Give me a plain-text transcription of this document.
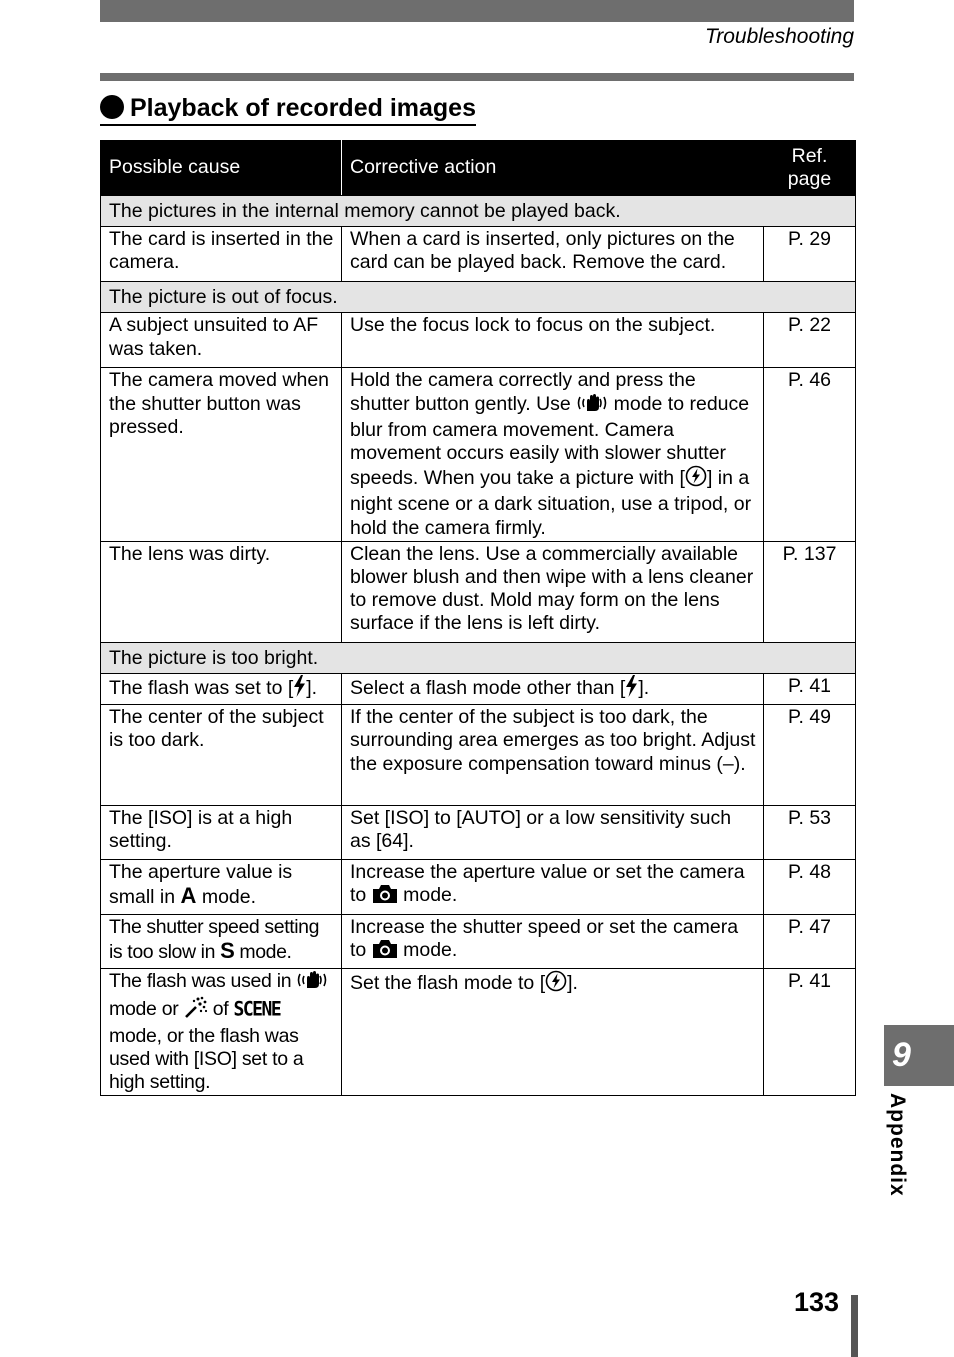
Troubleshooting
Playback of recorded images
Possible cause	Corrective action	Ref.
page
The pictures in the internal memory cannot be played back.		
The card is inserted in the camera.	When a card is inserted, only pictures on the card can be played back. Remove the card.	P. 29
The picture is out of focus.		
A subject unsuited to AF was taken.	Use the focus lock to focus on the subject.	P. 22
The camera moved when the shutter button was pressed.	Hold the camera correctly and press the shutter button gently. Use mode to reduce blur from camera movement. Camera movement occurs easily with slower shutter speeds. When you take a picture with [ ] in a night scene or a dark situation, use a tripod, or hold the camera firmly.	P. 46
The lens was dirty.	Clean the lens. Use a commercially available blower blush and then wipe with a lens cleaner to remove dust. Mold may form on the lens surface if the lens is left dirty.	P. 137
The picture is too bright.		
The flash was set to [ ].	Select a flash mode other than [ ].	P. 41
The center of the subject is too dark.	If the center of the subject is too dark, the surrounding area emerges as too bright. Adjust the exposure compensation toward minus (–).	P. 49
The [ISO] is at a high setting.	Set [ISO] to [AUTO] or a low sensitivity such as [64].	P. 53
The aperture value is small in A mode.	Increase the aperture value or set the camera to mode.	P. 48
The shutter speed setting is too slow in S mode.	Increase the shutter speed or set the camera to mode.	P. 47
The flash was used in  mode or of SCENE mode, or the flash was used with [ISO] set to a high setting.	Set the flash mode to [ ].	P. 41
9
Appendix
133
